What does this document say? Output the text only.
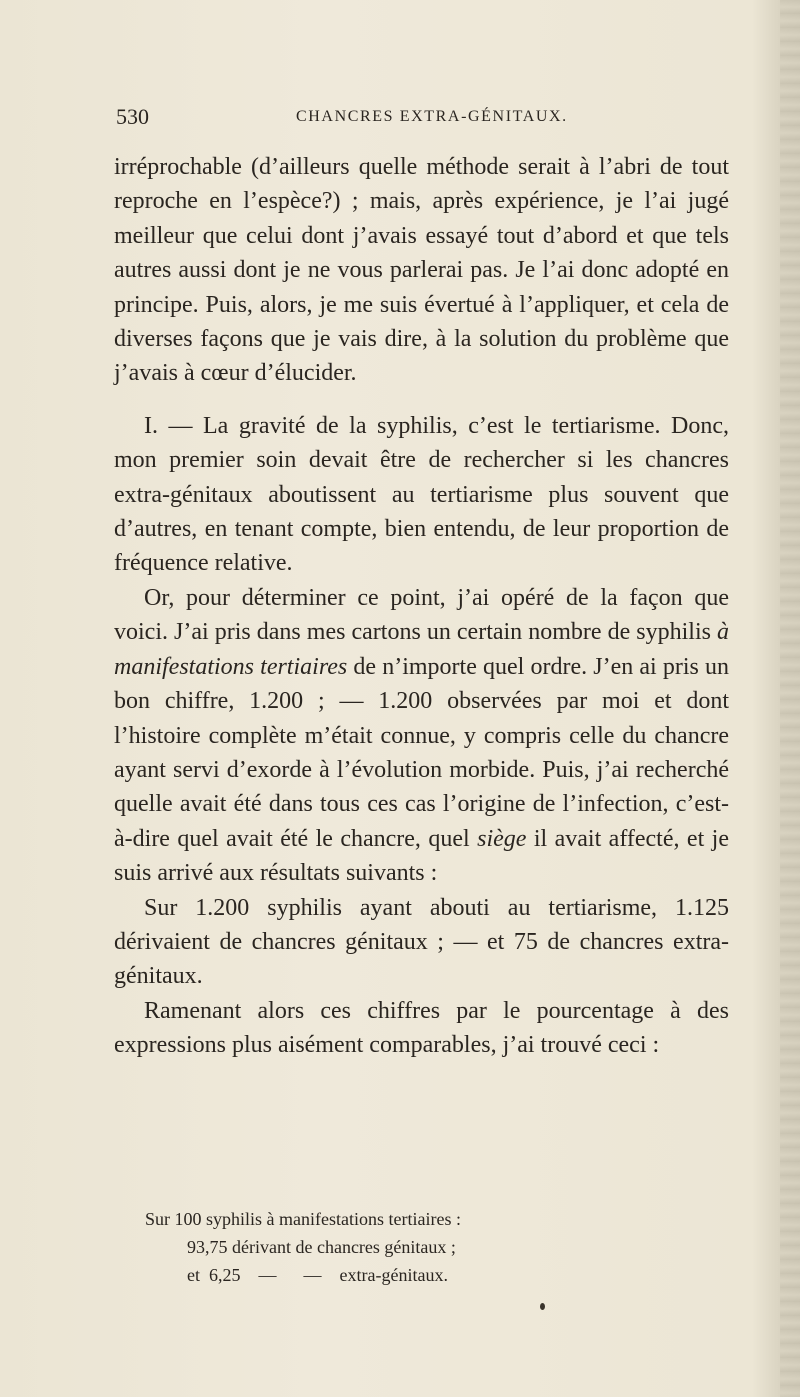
530	CHANCRES EXTRA-GÉNITAUX.

irréprochable (d’ailleurs quelle méthode serait à l’abri de tout reproche en l’espèce?) ; mais, après expérience, je l’ai jugé meilleur que celui dont j’avais essayé tout d’abord et que tels autres aussi dont je ne vous parlerai pas. Je l’ai donc adopté en principe. Puis, alors, je me suis évertué à l’appliquer, et cela de diverses façons que je vais dire, à la solution du problème que j’avais à cœur d’élucider.

I. — La gravité de la syphilis, c’est le tertiarisme. Donc, mon premier soin devait être de rechercher si les chancres extra-génitaux aboutissent au tertiarisme plus souvent que d’autres, en tenant compte, bien entendu, de leur proportion de fréquence relative.

Or, pour déterminer ce point, j’ai opéré de la façon que voici. J’ai pris dans mes cartons un certain nombre de syphilis à manifestations tertiaires de n’importe quel ordre. J’en ai pris un bon chiffre, 1.200 ; — 1.200 observées par moi et dont l’histoire complète m’était connue, y compris celle du chancre ayant servi d’exorde à l’évolution morbide. Puis, j’ai recherché quelle avait été dans tous ces cas l’origine de l’infection, c’est-à-dire quel avait été le chancre, quel siège il avait affecté, et je suis arrivé aux résultats suivants :

Sur 1.200 syphilis ayant abouti au tertiarisme, 1.125 dérivaient de chancres génitaux ; — et 75 de chancres extra-génitaux.

Ramenant alors ces chiffres par le pourcentage à des expressions plus aisément comparables, j’ai trouvé ceci :

Sur 100 syphilis à manifestations tertiaires :
93,75 dérivant de chancres génitaux ;
et  6,25    —      —    extra-génitaux.
